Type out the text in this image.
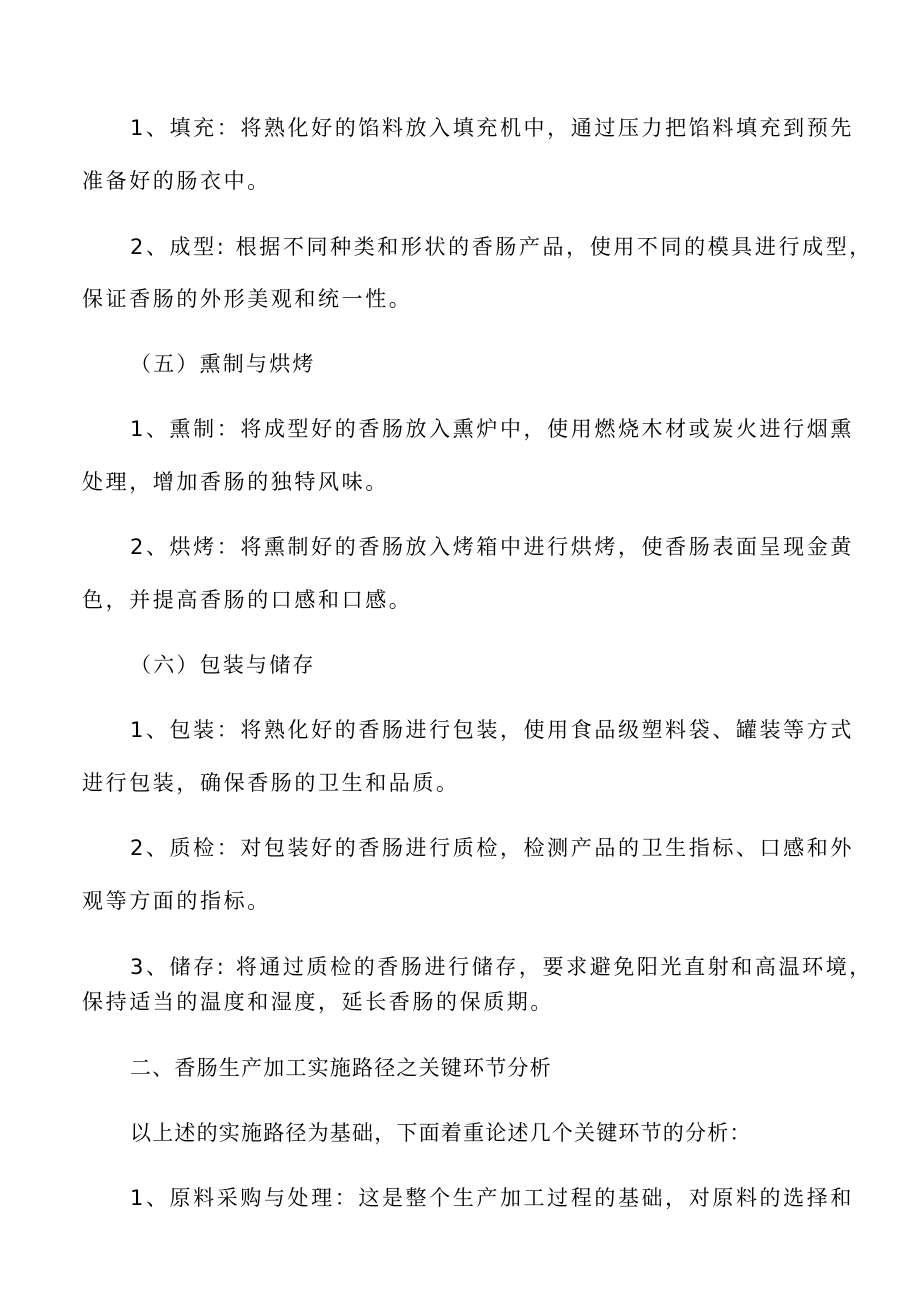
1、填充：将熟化好的馅料放入填充机中，通过压力把馅料填充到预先
准备好的肠衣中。
2、成型: 根据不同种类和形状的香肠产品，使用不同的模具进行成型，
保证香肠的外形美观和统一性。
（五）熏制与烘烤
1、熏制：将成型好的香肠放入熏炉中，使用燃烧木材或炭火进行烟熏
处理，增加香肠的独特风味。
2、烘烤：将熏制好的香肠放入烤箱中进行烘烤，使香肠表面呈现金黄
色，并提高香肠的口感和口感。
（六）包装与储存
1、包装：将熟化好的香肠进行包装，使用食品级塑料袋、罐装等方式
进行包装，确保香肠的卫生和品质。
2、质检：对包装好的香肠进行质检，检测产品的卫生指标、口感和外
观等方面的指标。
3、储存: 将通过质检的香肠进行储存，要求避免阳光直射和高温环境，
保持适当的温度和湿度，延长香肠的保质期。
二、香肠生产加工实施路径之关键环节分析
以上述的实施路径为基础，下面着重论述几个关键环节的分析：
1、原料采购与处理：这是整个生产加工过程的基础，对原料的选择和
